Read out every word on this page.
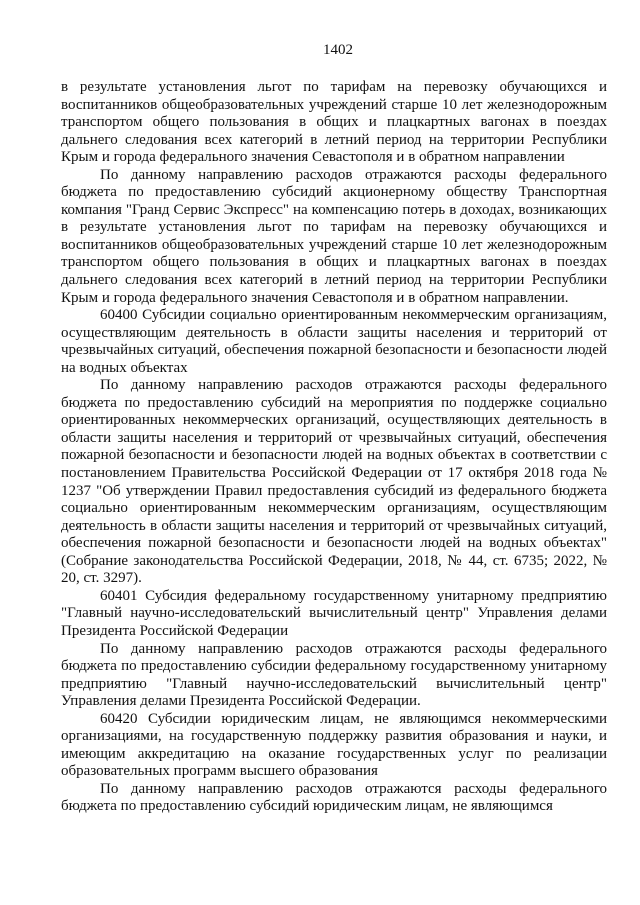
1402

в результате установления льгот по тарифам на перевозку обучающихся и воспитанников общеобразовательных учреждений старше 10 лет железнодорожным транспортом общего пользования в общих и плацкартных вагонах в поездах дальнего следования всех категорий в летний период на территории Республики Крым и города федерального значения Севастополя и в обратном направлении

По данному направлению расходов отражаются расходы федерального бюджета по предоставлению субсидий акционерному обществу Транспортная компания "Гранд Сервис Экспресс" на компенсацию потерь в доходах, возникающих в результате установления льгот по тарифам на перевозку обучающихся и воспитанников общеобразовательных учреждений старше 10 лет железнодорожным транспортом общего пользования в общих и плацкартных вагонах в поездах дальнего следования всех категорий в летний период на территории Республики Крым и города федерального значения Севастополя и в обратном направлении.

60400 Субсидии социально ориентированным некоммерческим организациям, осуществляющим деятельность в области защиты населения и территорий от чрезвычайных ситуаций, обеспечения пожарной безопасности и безопасности людей на водных объектах

По данному направлению расходов отражаются расходы федерального бюджета по предоставлению субсидий на мероприятия по поддержке социально ориентированных некоммерческих организаций, осуществляющих деятельность в области защиты населения и территорий от чрезвычайных ситуаций, обеспечения пожарной безопасности и безопасности людей на водных объектах в соответствии с постановлением Правительства Российской Федерации от 17 октября 2018 года № 1237 "Об утверждении Правил предоставления субсидий из федерального бюджета социально ориентированным некоммерческим организациям, осуществляющим деятельность в области защиты населения и территорий от чрезвычайных ситуаций, обеспечения пожарной безопасности и безопасности людей на водных объектах" (Собрание законодательства Российской Федерации, 2018, № 44, ст. 6735; 2022, № 20, ст. 3297).

60401 Субсидия федеральному государственному унитарному предприятию "Главный научно-исследовательский вычислительный центр" Управления делами Президента Российской Федерации

По данному направлению расходов отражаются расходы федерального бюджета по предоставлению субсидии федеральному государственному унитарному предприятию "Главный научно-исследовательский вычислительный центр" Управления делами Президента Российской Федерации.

60420 Субсидии юридическим лицам, не являющимся некоммерческими организациями, на государственную поддержку развития образования и науки, и имеющим аккредитацию на оказание государственных услуг по реализации образовательных программ высшего образования

По данному направлению расходов отражаются расходы федерального бюджета по предоставлению субсидий юридическим лицам, не являющимся
